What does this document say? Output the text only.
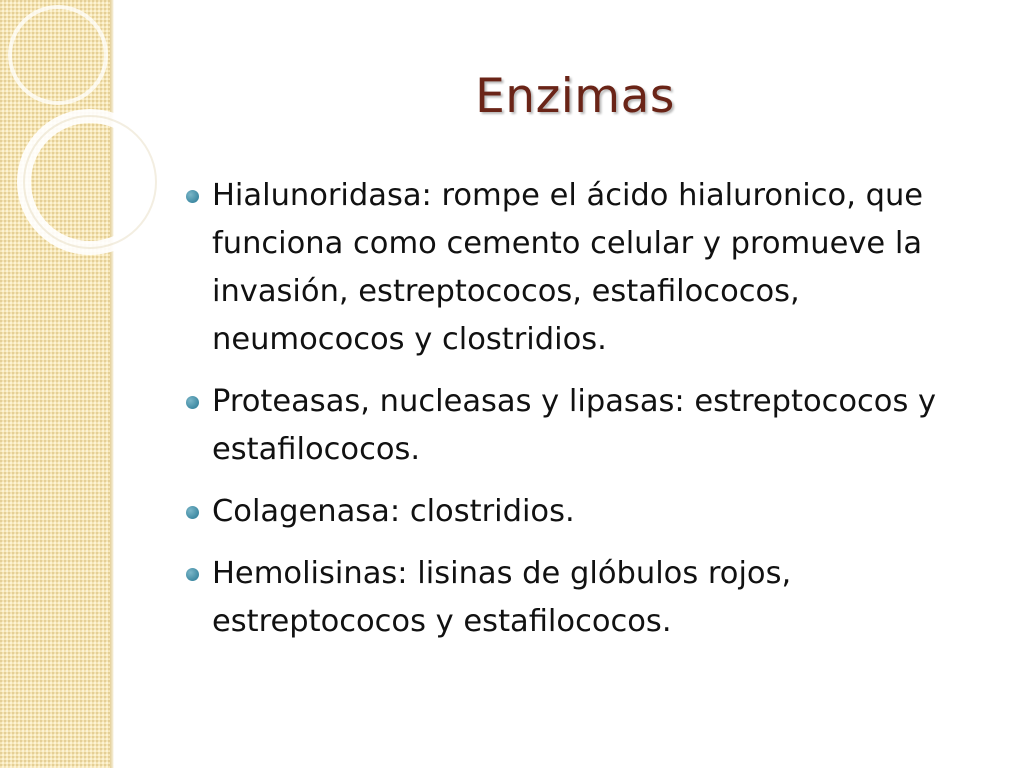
Enzimas
Hialunoridasa: rompe el ácido hialuronico, que funciona como cemento celular y promueve la invasión, estreptococos, estafilococos, neumococos y clostridios.
Proteasas, nucleasas y lipasas: estreptococos y estafilococos.
Colagenasa: clostridios.
Hemolisinas: lisinas de glóbulos rojos, estreptococos y estafilococos.
